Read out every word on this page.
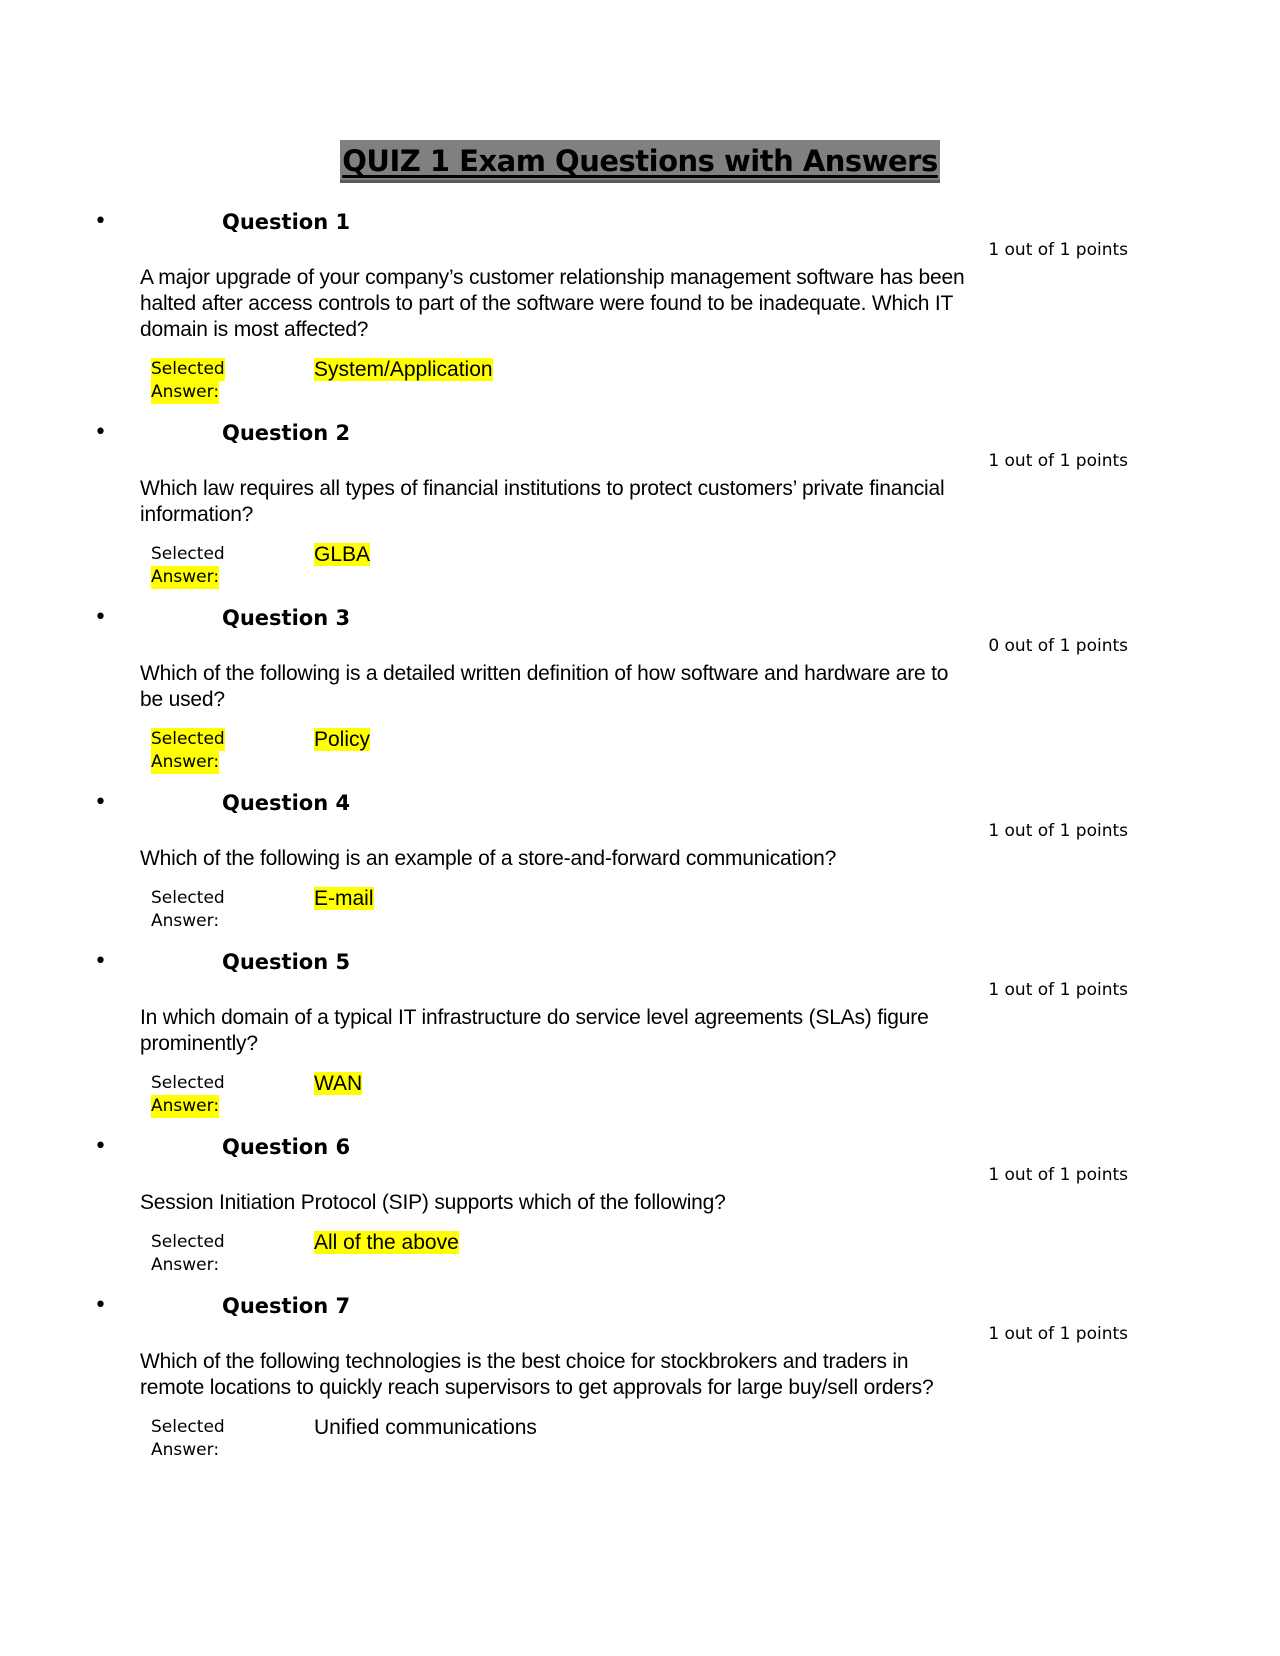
QUIZ 1 Exam Questions with Answers
•	Question 1
1 out of 1 points
A major upgrade of your company’s customer relationship management software has been
halted after access controls to part of the software were found to be inadequate. Which IT
domain is most affected?
Selected
Answer:
System/Application
•	Question 2
1 out of 1 points
Which law requires all types of financial institutions to protect customers’ private financial
information?
Selected
Answer:
GLBA
•	Question 3
0 out of 1 points
Which of the following is a detailed written definition of how software and hardware are to
be used?
Selected
Answer:
Policy
•	Question 4
1 out of 1 points
Which of the following is an example of a store-and-forward communication?
Selected
Answer:
E-mail
•	Question 5
1 out of 1 points
In which domain of a typical IT infrastructure do service level agreements (SLAs) figure
prominently?
Selected
Answer:
WAN
•	Question 6
1 out of 1 points
Session Initiation Protocol (SIP) supports which of the following?
Selected
Answer:
All of the above
•	Question 7
1 out of 1 points
Which of the following technologies is the best choice for stockbrokers and traders in
remote locations to quickly reach supervisors to get approvals for large buy/sell orders?
Selected
Answer:
Unified communications
